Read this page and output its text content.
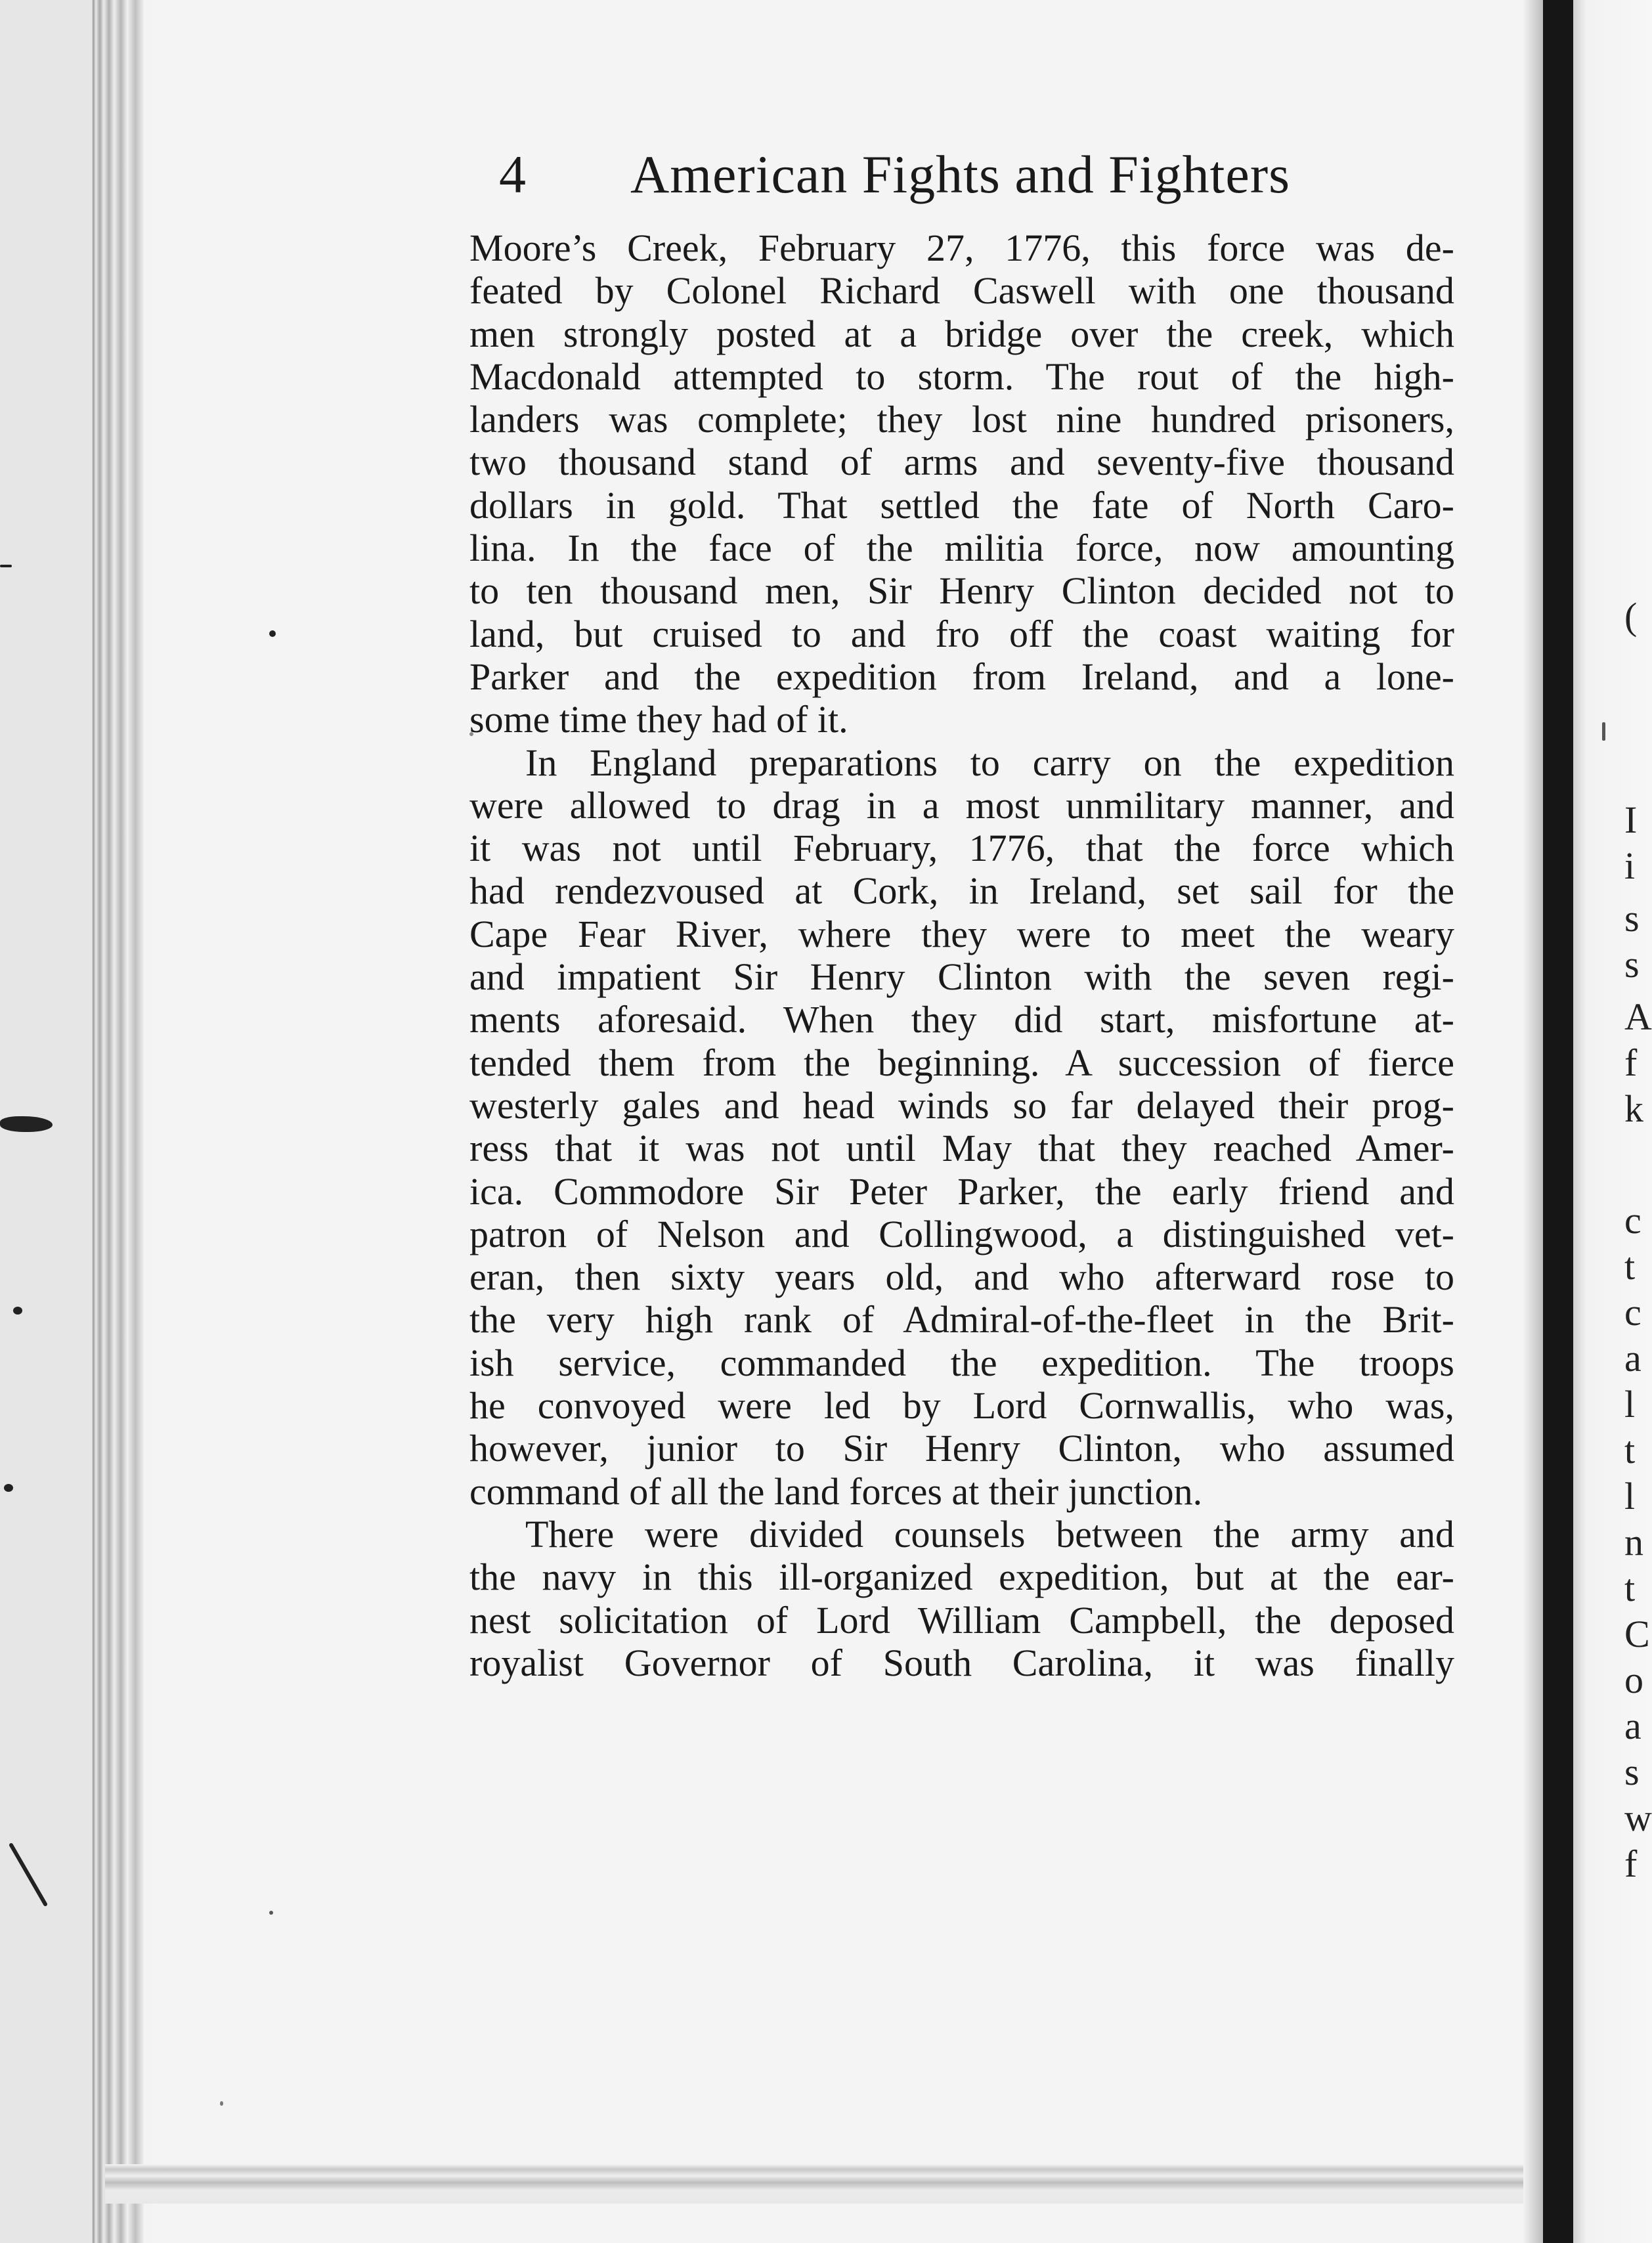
(
I
i
s
s
A
f
k
c
t
c
a
l
t
l
n
t
C
o
a
s
w
f
4 American Fights and Fighters

Moore’s Creek, February 27, 1776, this force was de-
feated by Colonel Richard Caswell with one thousand
men strongly posted at a bridge over the creek, which
Macdonald attempted to storm. The rout of the high-
landers was complete; they lost nine hundred prisoners,
two thousand stand of arms and seventy-five thousand
dollars in gold. That settled the fate of North Caro-
lina. In the face of the militia force, now amounting
to ten thousand men, Sir Henry Clinton decided not to
land, but cruised to and fro off the coast waiting for
Parker and the expedition from Ireland, and a lone-
some time they had of it.

In England preparations to carry on the expedition
were allowed to drag in a most unmilitary manner, and
it was not until February, 1776, that the force which
had rendezvoused at Cork, in Ireland, set sail for the
Cape Fear River, where they were to meet the weary
and impatient Sir Henry Clinton with the seven regi-
ments aforesaid. When they did start, misfortune at-
tended them from the beginning. A succession of fierce
westerly gales and head winds so far delayed their prog-
ress that it was not until May that they reached Amer-
ica. Commodore Sir Peter Parker, the early friend and
patron of Nelson and Collingwood, a distinguished vet-
eran, then sixty years old, and who afterward rose to
the very high rank of Admiral-of-the-fleet in the Brit-
ish service, commanded the expedition. The troops
he convoyed were led by Lord Cornwallis, who was,
however, junior to Sir Henry Clinton, who assumed
command of all the land forces at their junction.

There were divided counsels between the army and
the navy in this ill-organized expedition, but at the ear-
nest solicitation of Lord William Campbell, the deposed
royalist Governor of South Carolina, it was finally
